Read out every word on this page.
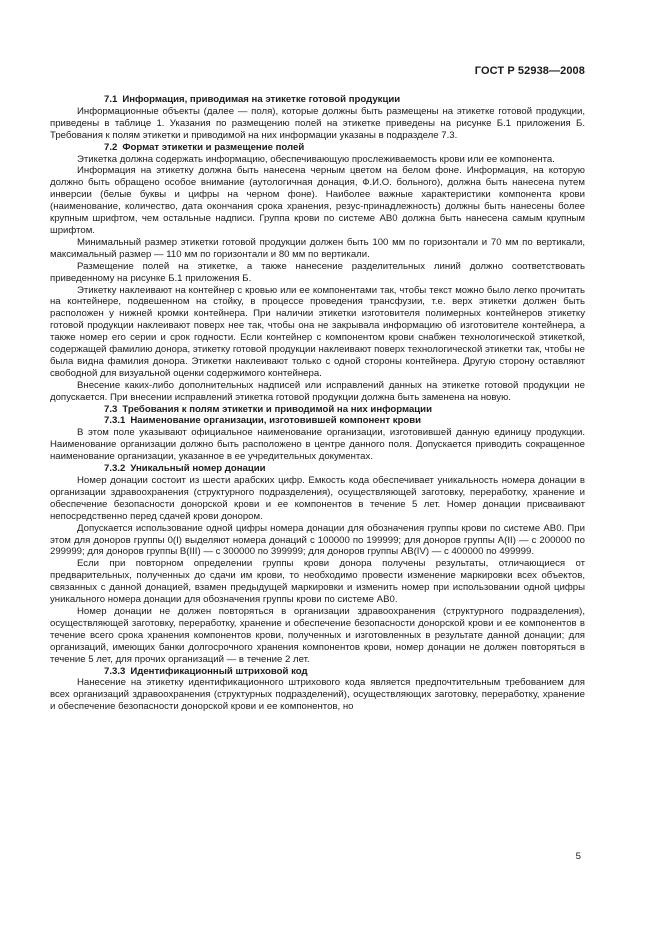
ГОСТ Р 52938—2008
7.1 Информация, приводимая на этикетке готовой продукции

Информационные объекты (далее — поля), которые должны быть размещены на этикетке готовой продукции, приведены в таблице 1. Указания по размещению полей на этикетке приведены на рисунке Б.1 приложения Б. Требования к полям этикетки и приводимой на них информации указаны в подразделе 7.3.

7.2 Формат этикетки и размещение полей

Этикетка должна содержать информацию, обеспечивающую прослеживаемость крови или ее компонента.

Информация на этикетку должна быть нанесена черным цветом на белом фоне. Информация, на которую должно быть обращено особое внимание (аутологичная донация, Ф.И.О. больного), должна быть нанесена путем инверсии (белые буквы и цифры на черном фоне). Наиболее важные характеристики компонента крови (наименование, количество, дата окончания срока хранения, резус-принадлежность) должны быть нанесены более крупным шрифтом, чем остальные надписи. Группа крови по системе AB0 должна быть нанесена самым крупным шрифтом.

Минимальный размер этикетки готовой продукции должен быть 100 мм по горизонтали и 70 мм по вертикали, максимальный размер — 110 мм по горизонтали и 80 мм по вертикали.

Размещение полей на этикетке, а также нанесение разделительных линий должно соответствовать приведенному на рисунке Б.1 приложения Б.

Этикетку наклеивают на контейнер с кровью или ее компонентами так, чтобы текст можно было легко прочитать на контейнере, подвешенном на стойку, в процессе проведения трансфузии, т.е. верх этикетки должен быть расположен у нижней кромки контейнера. При наличии этикетки изготовителя полимерных контейнеров этикетку готовой продукции наклеивают поверх нее так, чтобы она не закрывала информацию об изготовителе контейнера, а также номер его серии и срок годности. Если контейнер с компонентом крови снабжен технологической этикеткой, содержащей фамилию донора, этикетку готовой продукции наклеивают поверх технологической этикетки так, чтобы не была видна фамилия донора. Этикетки наклеивают только с одной стороны контейнера. Другую сторону оставляют свободной для визуальной оценки содержимого контейнера.

Внесение каких-либо дополнительных надписей или исправлений данных на этикетке готовой продукции не допускается. При внесении исправлений этикетка готовой продукции должна быть заменена на новую.

7.3 Требования к полям этикетки и приводимой на них информации
7.3.1 Наименование организации, изготовившей компонент крови

В этом поле указывают официальное наименование организации, изготовившей данную единицу продукции. Наименование организации должно быть расположено в центре данного поля. Допускается приводить сокращенное наименование организации, указанное в ее учредительных документах.

7.3.2 Уникальный номер донации

Номер донации состоит из шести арабских цифр. Емкость кода обеспечивает уникальность номера донации в организации здравоохранения (структурного подразделения), осуществляющей заготовку, переработку, хранение и обеспечение безопасности донорской крови и ее компонентов в течение 5 лет. Номер донации присваивают непосредственно перед сдачей крови донором.

Допускается использование одной цифры номера донации для обозначения группы крови по системе AB0. При этом для доноров группы 0(I) выделяют номера донаций с 100000 по 199999; для доноров группы A(II) — с 200000 по 299999; для доноров группы B(III) — с 300000 по 399999; для доноров группы AB(IV) — с 400000 по 499999.

Если при повторном определении группы крови донора получены результаты, отличающиеся от предварительных, полученных до сдачи им крови, то необходимо провести изменение маркировки всех объектов, связанных с данной донацией, взамен предыдущей маркировки и изменить номер при использовании одной цифры уникального номера донации для обозначения группы крови по системе AB0.

Номер донации не должен повторяться в организации здравоохранения (структурного подразделения), осуществляющей заготовку, переработку, хранение и обеспечение безопасности донорской крови и ее компонентов в течение всего срока хранения компонентов крови, полученных и изготовленных в результате данной донации; для организаций, имеющих банки долгосрочного хранения компонентов крови, номер донации не должен повторяться в течение 5 лет, для прочих организаций — в течение 2 лет.

7.3.3 Идентификационный штриховой код

Нанесение на этикетку идентификационного штрихового кода является предпочтительным требованием для всех организаций здравоохранения (структурных подразделений), осуществляющих заготовку, переработку, хранение и обеспечение безопасности донорской крови и ее компонентов, но

5
